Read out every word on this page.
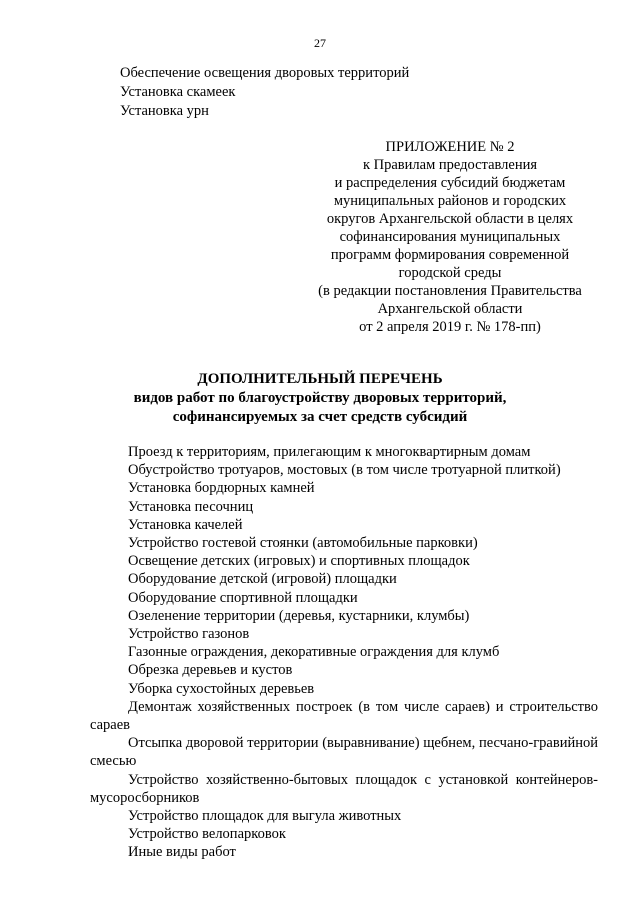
27
Обеспечение освещения дворовых территорий
Установка скамеек
Установка урн
ПРИЛОЖЕНИЕ № 2
к Правилам предоставления
и распределения субсидий бюджетам
муниципальных районов и городских
округов Архангельской области в целях
софинансирования муниципальных
программ формирования современной
городской среды
(в редакции постановления Правительства
Архангельской области
от 2 апреля 2019 г. № 178-пп)
ДОПОЛНИТЕЛЬНЫЙ ПЕРЕЧЕНЬ
видов работ по благоустройству дворовых территорий,
софинансируемых за счет средств субсидий
Проезд к территориям, прилегающим к многоквартирным домам
Обустройство тротуаров, мостовых (в том числе тротуарной плиткой)
Установка бордюрных камней
Установка песочниц
Установка качелей
Устройство гостевой стоянки (автомобильные парковки)
Освещение детских (игровых) и спортивных площадок
Оборудование детской (игровой) площадки
Оборудование спортивной площадки
Озеленение территории (деревья, кустарники, клумбы)
Устройство газонов
Газонные ограждения, декоративные ограждения для клумб
Обрезка деревьев и кустов
Уборка сухостойных деревьев
Демонтаж хозяйственных построек (в том числе сараев) и строительство сараев
Отсыпка дворовой территории (выравнивание) щебнем, песчано-гравийной смесью
Устройство хозяйственно-бытовых площадок с установкой контейнеров-мусоросборников
Устройство площадок для выгула животных
Устройство велопарковок
Иные виды работ
